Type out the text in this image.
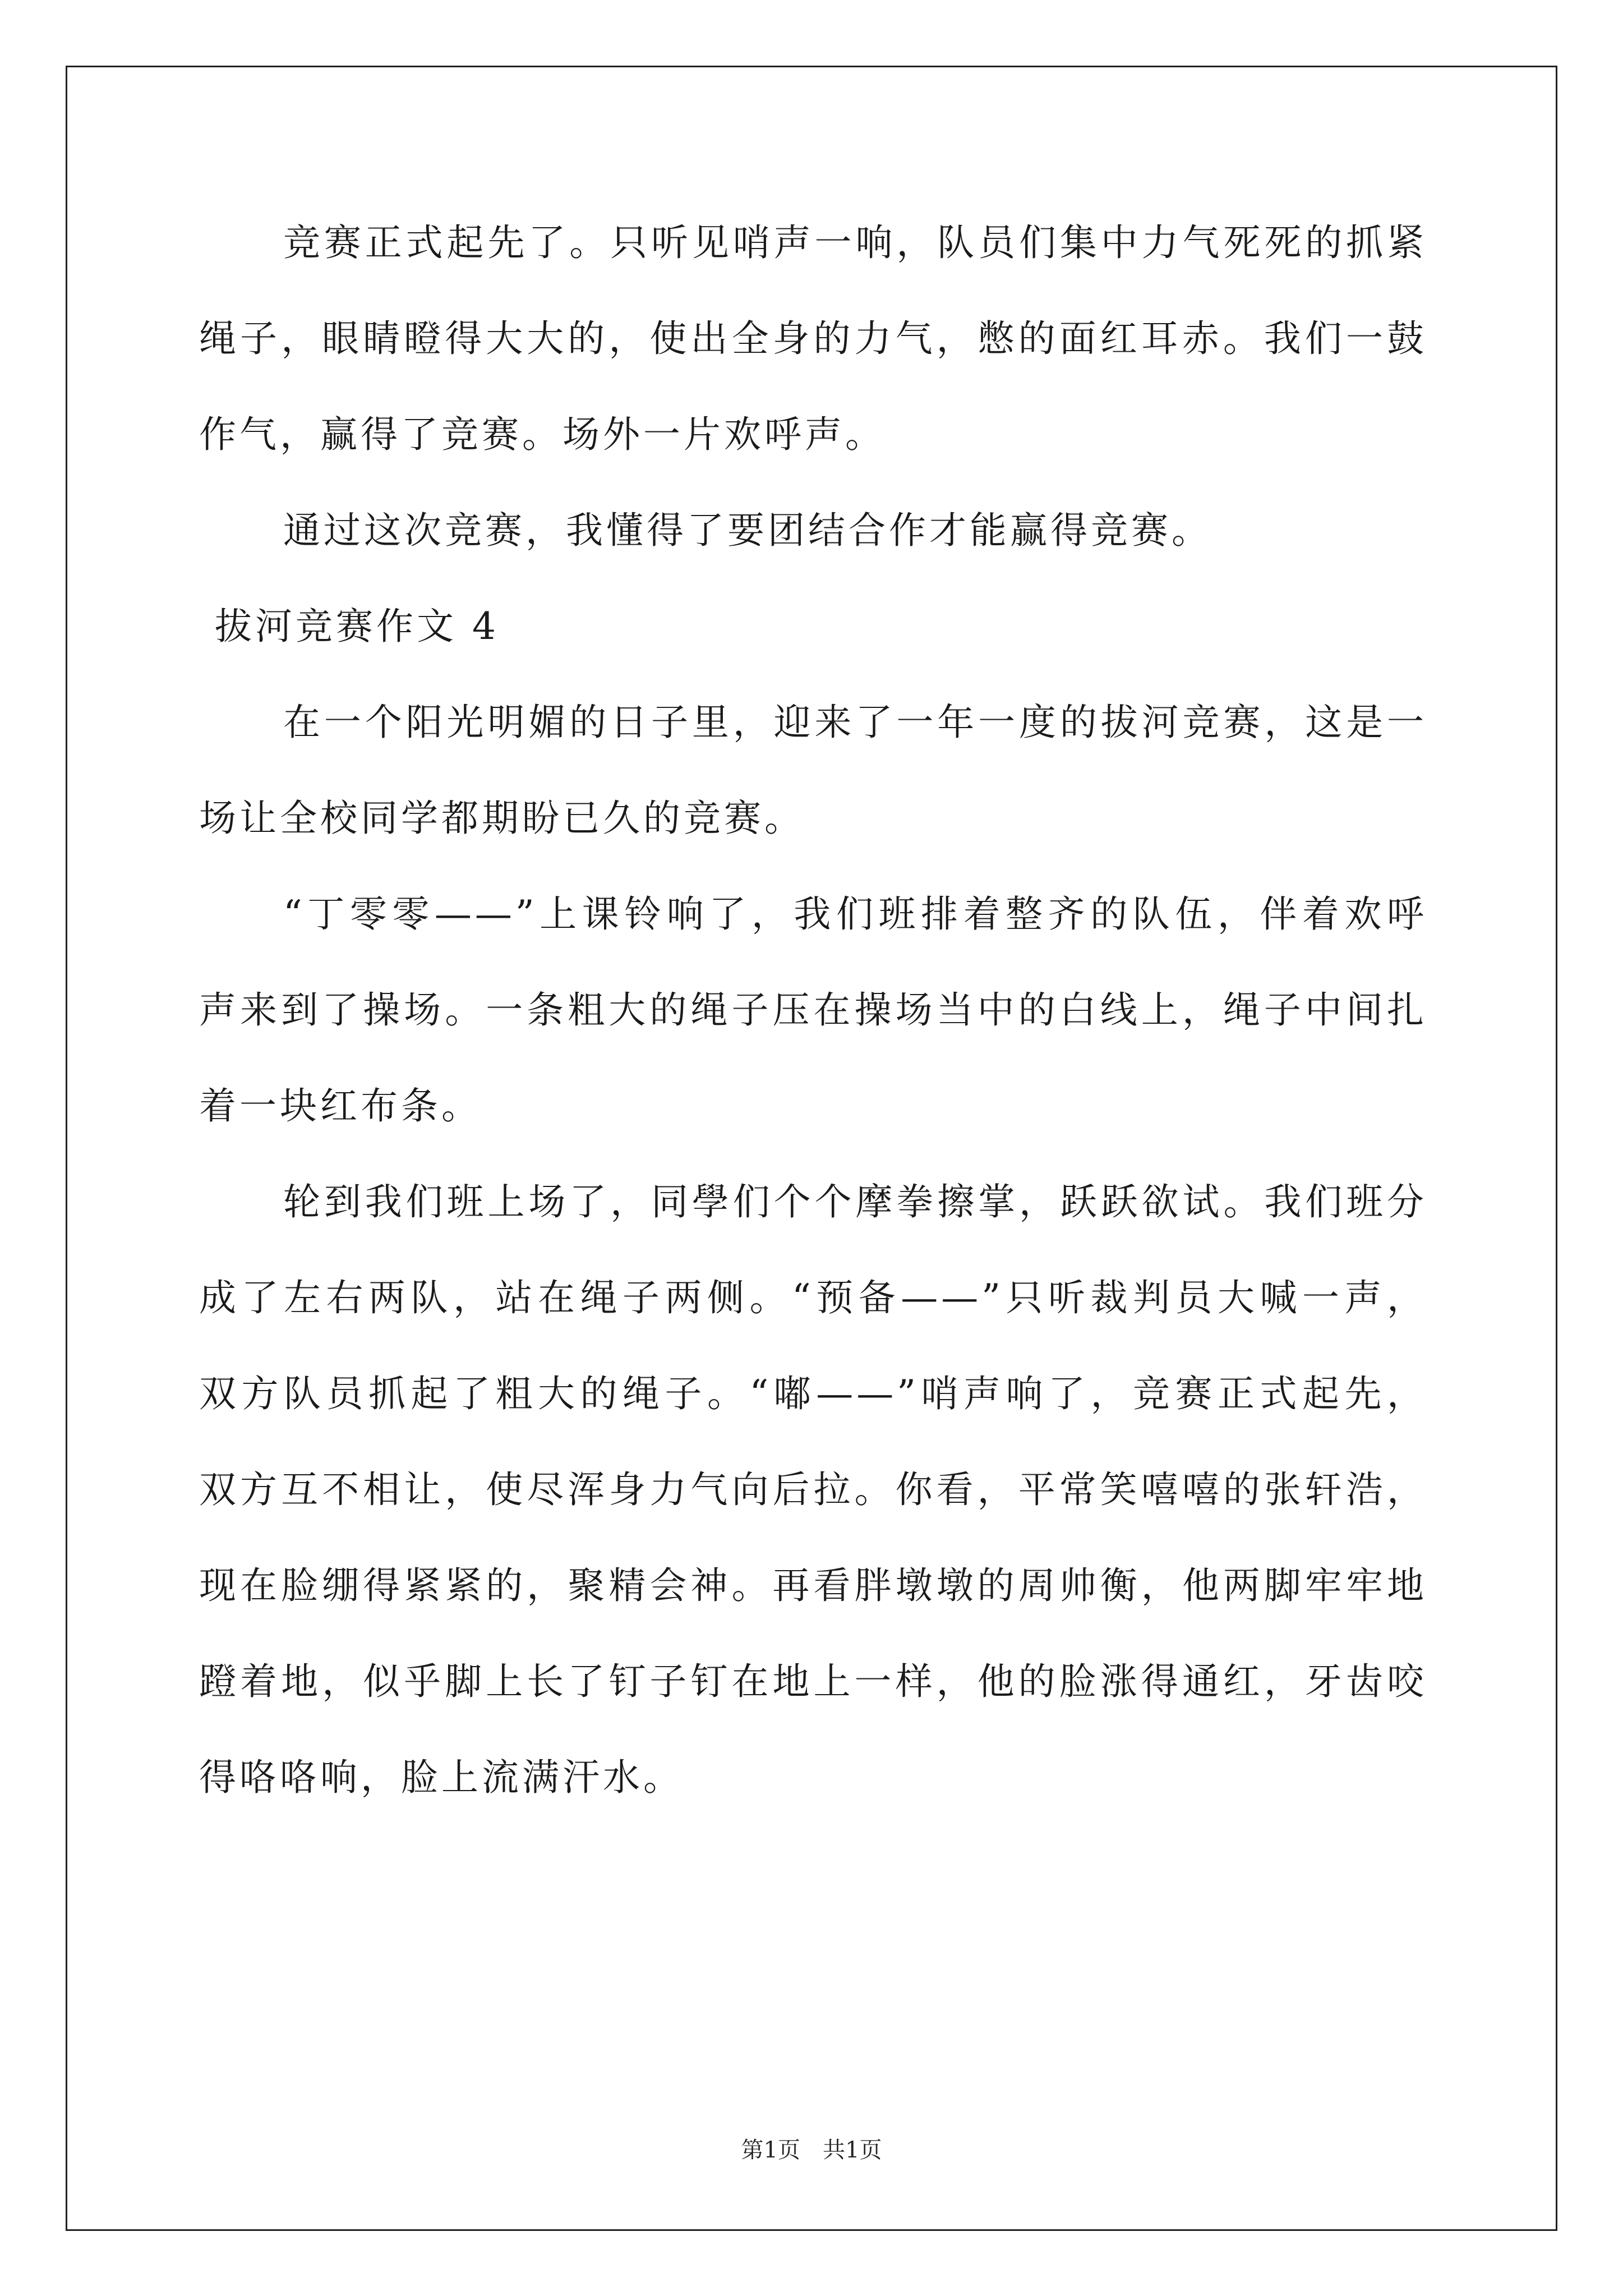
竞赛正式起先了。只听见哨声一响，队员们集中力气死死的抓紧
绳子，眼睛瞪得大大的，使出全身的力气，憋的面红耳赤。我们一鼓
作气，赢得了竞赛。场外一片欢呼声。
通过这次竞赛，我懂得了要团结合作才能赢得竞赛。
拔河竞赛作文 4
在一个阳光明媚的日子里，迎来了一年一度的拔河竞赛，这是一
场让全校同学都期盼已久的竞赛。
“丁零零——”上课铃响了，我们班排着整齐的队伍，伴着欢呼
声来到了操场。一条粗大的绳子压在操场当中的白线上，绳子中间扎
着一块红布条。
轮到我们班上场了，同學们个个摩拳擦掌，跃跃欲试。我们班分
成了左右两队，站在绳子两侧。“预备——”只听裁判员大喊一声，
双方队员抓起了粗大的绳子。“嘟——”哨声响了，竞赛正式起先，
双方互不相让，使尽浑身力气向后拉。你看，平常笑嘻嘻的张轩浩，
现在脸绷得紧紧的，聚精会神。再看胖墩墩的周帅衡，他两脚牢牢地
蹬着地，似乎脚上长了钉子钉在地上一样，他的脸涨得通红，牙齿咬
得咯咯响，脸上流满汗水。
第1页　共1页
